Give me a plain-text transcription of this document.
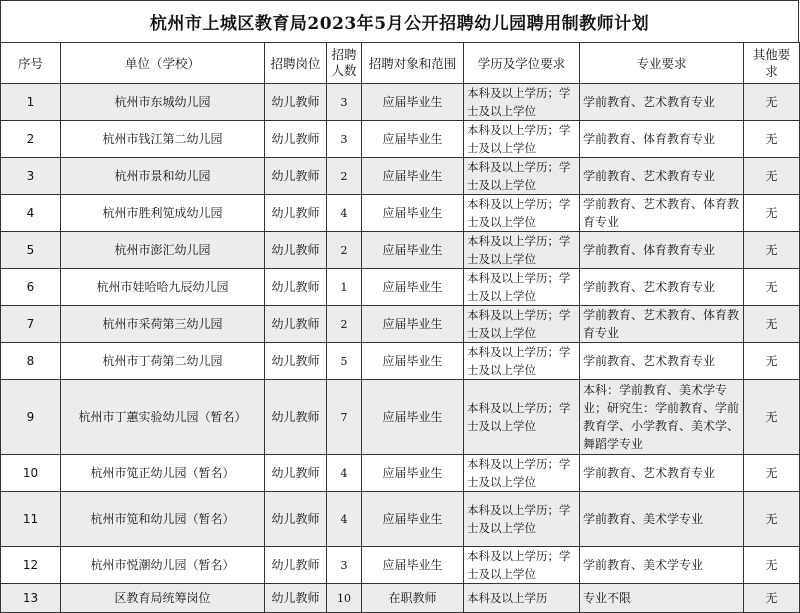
杭州市上城区教育局2023年5月公开招聘幼儿园聘用制教师计划
序号	单位（学校）	招聘岗位	招聘人数	招聘对象和范围	学历及学位要求	专业要求	其他要求
1	杭州市东城幼儿园	幼儿教师	3	应届毕业生	本科及以上学历；学士及以上学位	学前教育、艺术教育专业	无
2	杭州市钱江第二幼儿园	幼儿教师	3	应届毕业生	本科及以上学历；学士及以上学位	学前教育、体育教育专业	无
3	杭州市景和幼儿园	幼儿教师	2	应届毕业生	本科及以上学历；学士及以上学位	学前教育、艺术教育专业	无
4	杭州市胜利笕成幼儿园	幼儿教师	4	应届毕业生	本科及以上学历；学士及以上学位	学前教育、艺术教育、体育教育专业	无
5	杭州市澎汇幼儿园	幼儿教师	2	应届毕业生	本科及以上学历；学士及以上学位	学前教育、体育教育专业	无
6	杭州市娃哈哈九辰幼儿园	幼儿教师	1	应届毕业生	本科及以上学历；学士及以上学位	学前教育、艺术教育专业	无
7	杭州市采荷第三幼儿园	幼儿教师	2	应届毕业生	本科及以上学历；学士及以上学位	学前教育、艺术教育、体育教育专业	无
8	杭州市丁荷第二幼儿园	幼儿教师	5	应届毕业生	本科及以上学历；学士及以上学位	学前教育、艺术教育专业	无
9	杭州市丁蕙实验幼儿园（暂名）	幼儿教师	7	应届毕业生	本科及以上学历；学士及以上学位	本科：学前教育、美术学专业；研究生：学前教育、学前教育学、小学教育、美术学、舞蹈学专业	无
10	杭州市笕正幼儿园（暂名）	幼儿教师	4	应届毕业生	本科及以上学历；学士及以上学位	学前教育、艺术教育专业	无
11	杭州市笕和幼儿园（暂名）	幼儿教师	4	应届毕业生	本科及以上学历；学士及以上学位	学前教育、美术学专业	无
12	杭州市悦潮幼儿园（暂名）	幼儿教师	3	应届毕业生	本科及以上学历；学士及以上学位	学前教育、美术学专业	无
13	区教育局统筹岗位	幼儿教师	10	在职教师	本科及以上学历	专业不限	无
